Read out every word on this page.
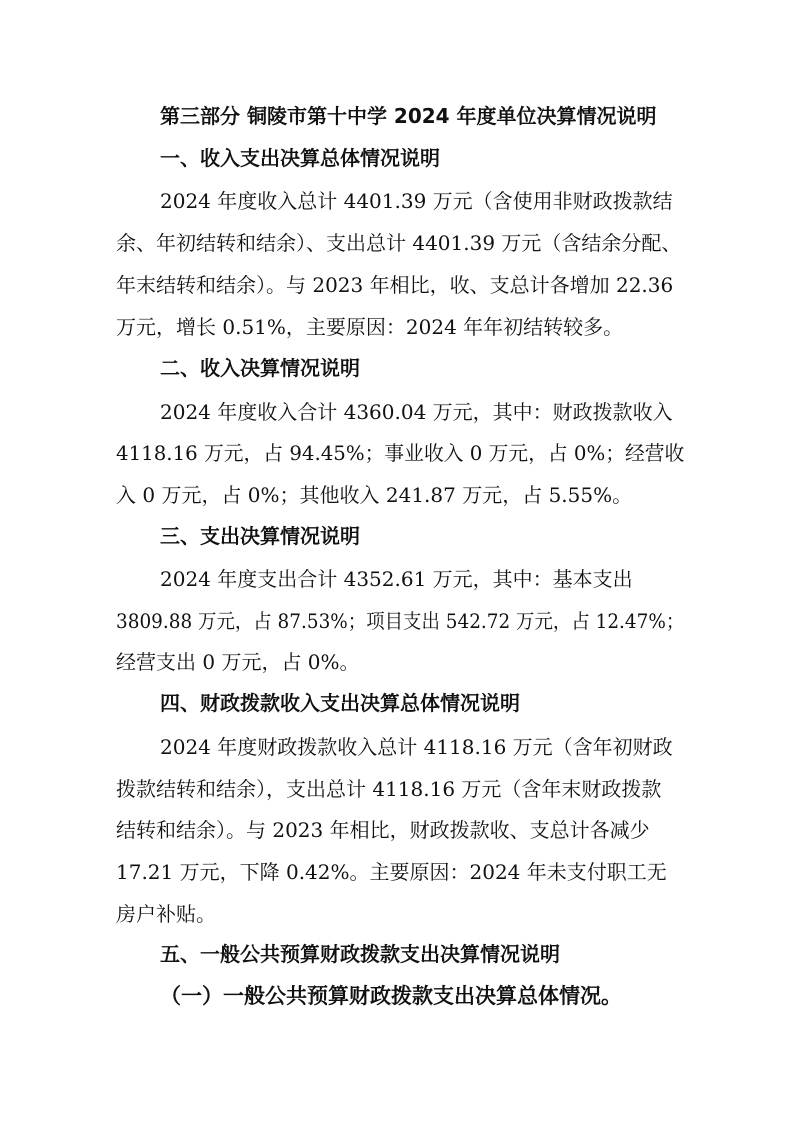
第三部分 铜陵市第十中学 2024 年度单位决算情况说明
一、收入支出决算总体情况说明
2024 年度收入总计 4401.39 万元（含使用非财政拨款结
余、年初结转和结余）、支出总计 4401.39 万元（含结余分配、
年末结转和结余）。与 2023 年相比，收、支总计各增加 22.36
万元，增长 0.51%，主要原因：2024 年年初结转较多。
二、收入决算情况说明
2024 年度收入合计 4360.04 万元，其中：财政拨款收入
4118.16 万元，占 94.45%；事业收入 0 万元，占 0%；经营收
入 0 万元，占 0%；其他收入 241.87 万元，占 5.55%。
三、支出决算情况说明
2024 年度支出合计 4352.61 万元，其中：基本支出
3809.88 万元，占 87.53%；项目支出 542.72 万元，占 12.47%；
经营支出 0 万元，占 0%。
四、财政拨款收入支出决算总体情况说明
2024 年度财政拨款收入总计 4118.16 万元（含年初财政
拨款结转和结余），支出总计 4118.16 万元（含年末财政拨款
结转和结余）。与 2023 年相比，财政拨款收、支总计各减少
17.21 万元，下降 0.42%。主要原因：2024 年未支付职工无
房户补贴。
五、一般公共预算财政拨款支出决算情况说明
（一）一般公共预算财政拨款支出决算总体情况。
